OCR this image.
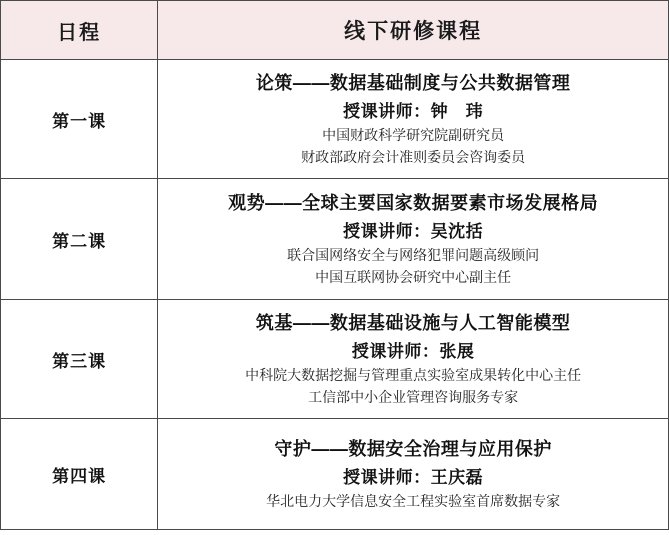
日程	线下研修课程
第一课	论策——数据基础制度与公共数据管理
授课讲师：钟　玮
中国财政科学研究院副研究员
财政部政府会计准则委员会咨询委员

第二课	观势——全球主要国家数据要素市场发展格局
授课讲师：吴沈括
联合国网络安全与网络犯罪问题高级顾问
中国互联网协会研究中心副主任

第三课	筑基——数据基础设施与人工智能模型
授课讲师：张展
中科院大数据挖掘与管理重点实验室成果转化中心主任
工信部中小企业管理咨询服务专家

第四课	守护——数据安全治理与应用保护
授课讲师：王庆磊
华北电力大学信息安全工程实验室首席数据专家
